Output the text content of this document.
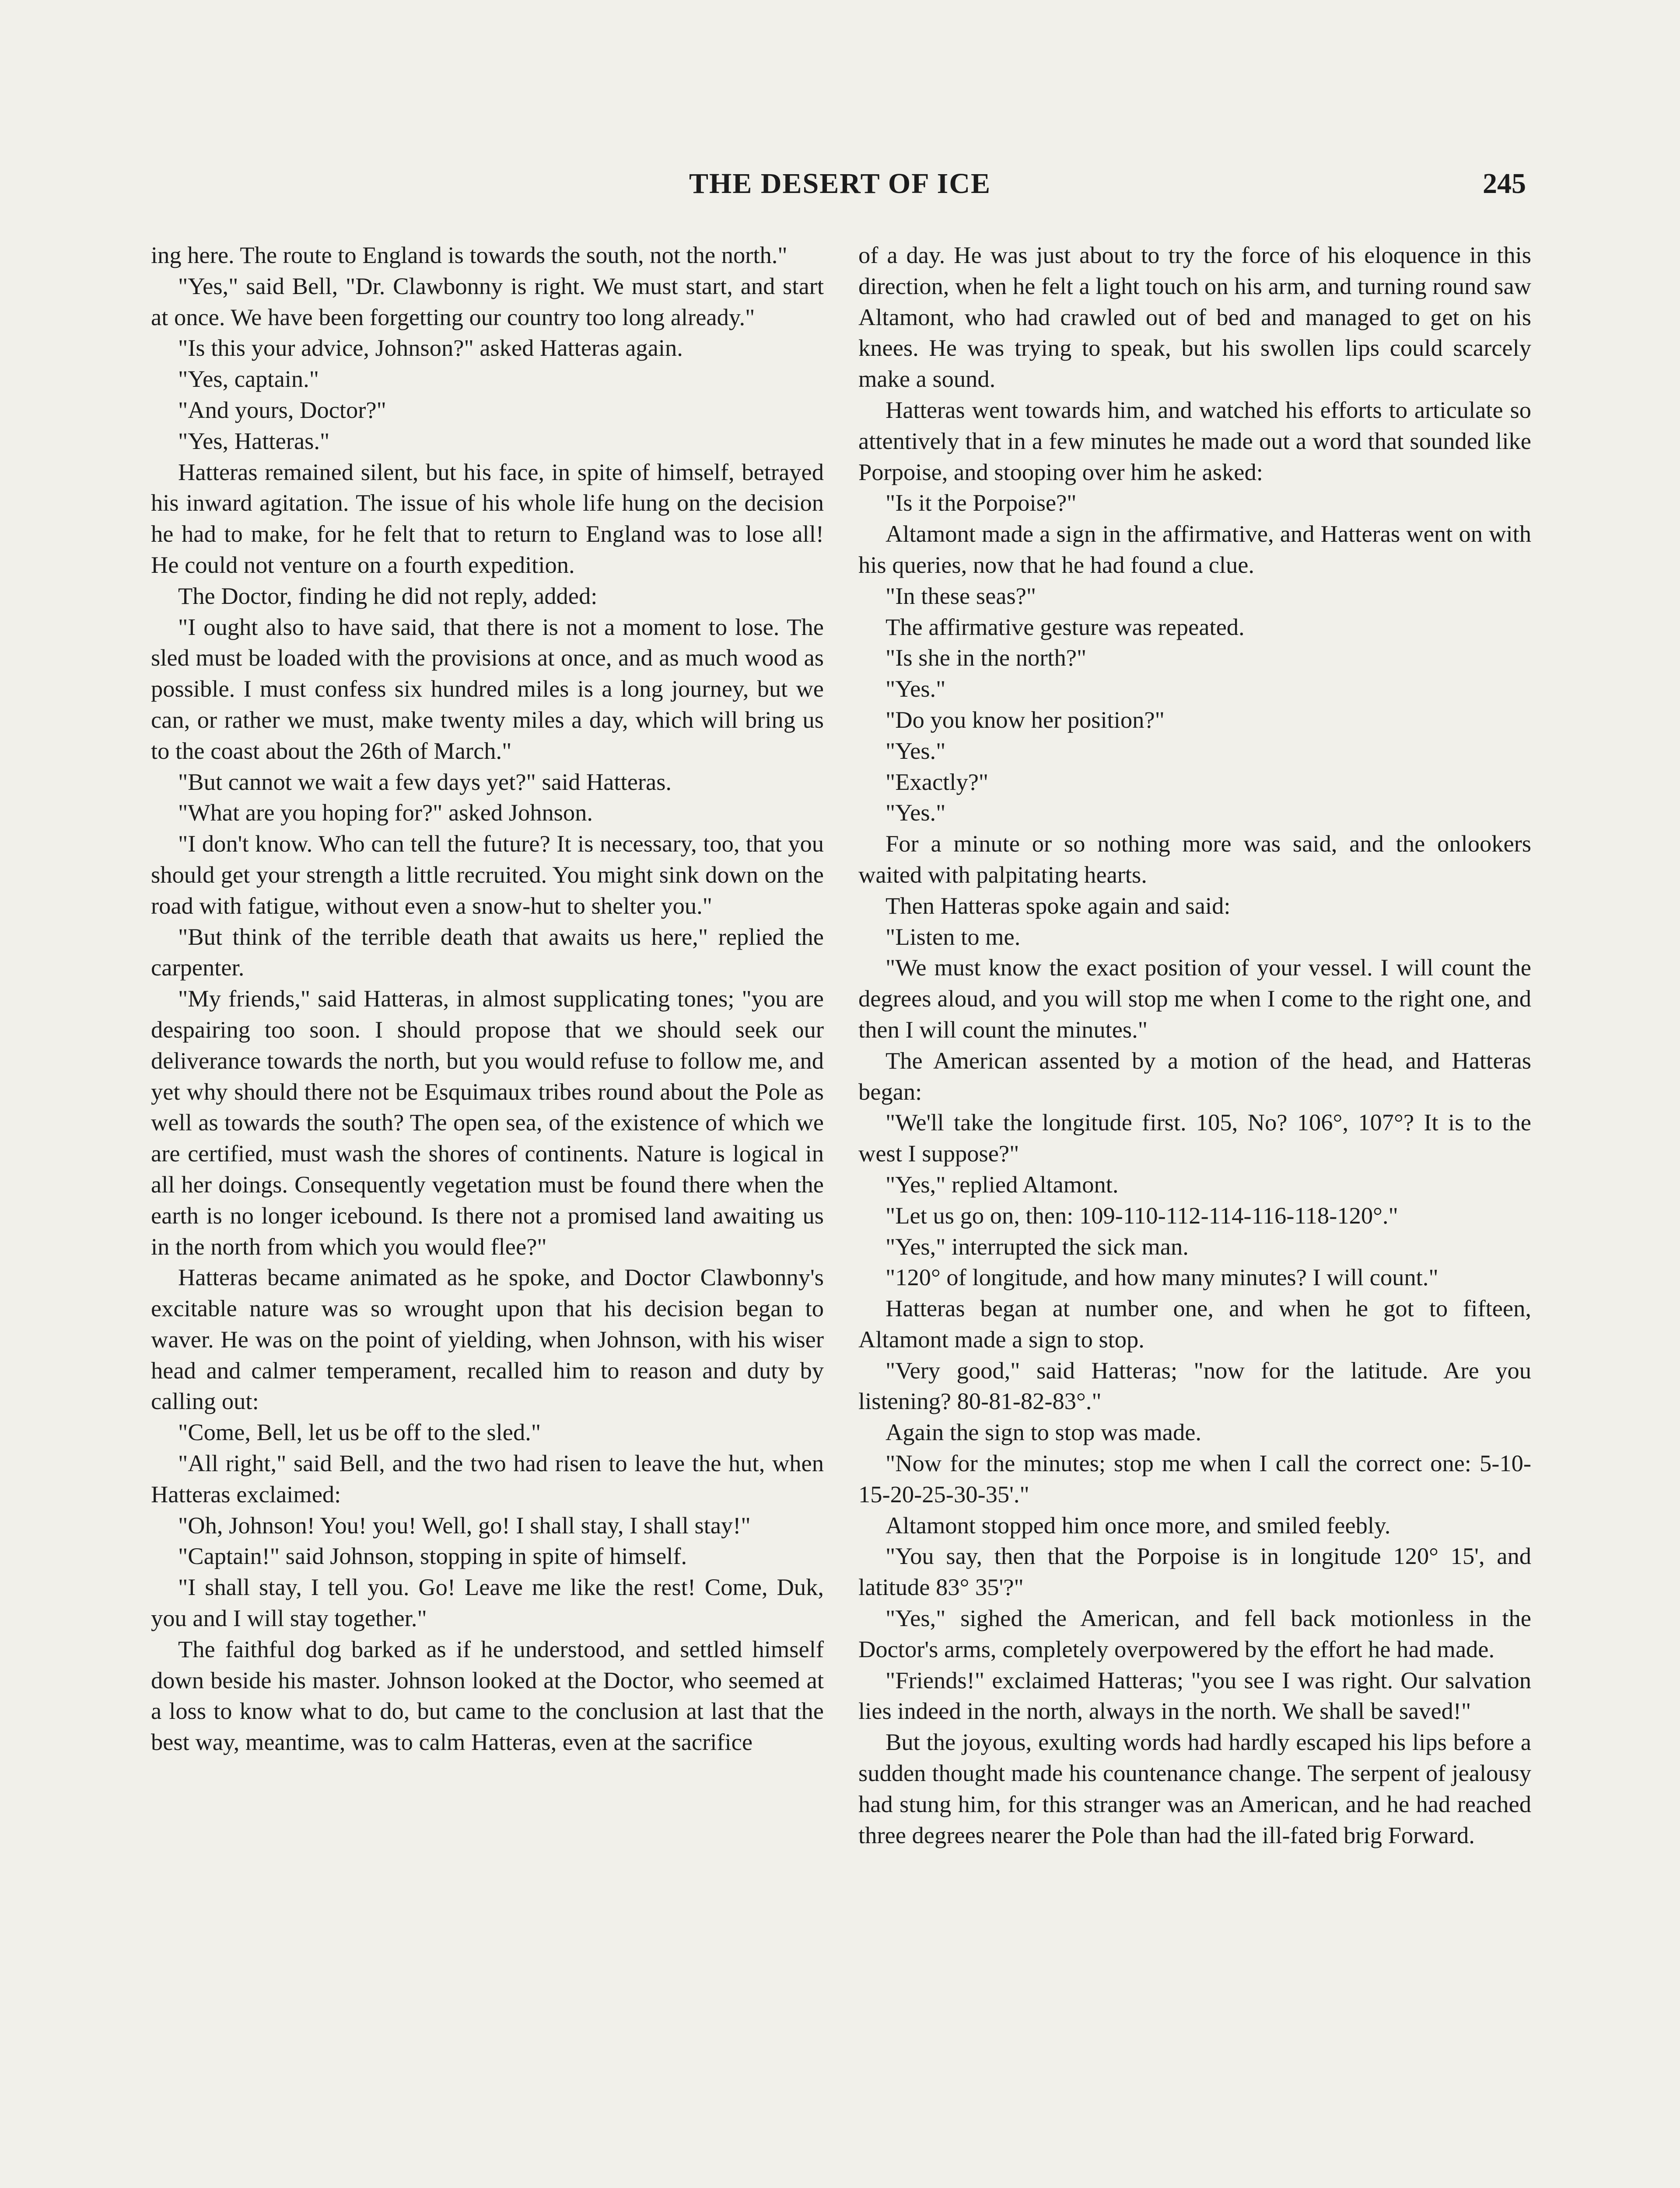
THE DESERT OF ICE	245

ing here. The route to England is towards the south, not the north."

"Yes," said Bell, "Dr. Clawbonny is right. We must start, and start at once. We have been forgetting our country too long already."

"Is this your advice, Johnson?" asked Hatteras again.

"Yes, captain."

"And yours, Doctor?"

"Yes, Hatteras."

Hatteras remained silent, but his face, in spite of himself, betrayed his inward agitation. The issue of his whole life hung on the decision he had to make, for he felt that to return to England was to lose all! He could not venture on a fourth expedition.

The Doctor, finding he did not reply, added:

"I ought also to have said, that there is not a moment to lose. The sled must be loaded with the provisions at once, and as much wood as possible. I must confess six hundred miles is a long journey, but we can, or rather we must, make twenty miles a day, which will bring us to the coast about the 26th of March."

"But cannot we wait a few days yet?" said Hatteras.

"What are you hoping for?" asked Johnson.

"I don't know. Who can tell the future? It is necessary, too, that you should get your strength a little recruited. You might sink down on the road with fatigue, without even a snow-hut to shelter you."

"But think of the terrible death that awaits us here," replied the carpenter.

"My friends," said Hatteras, in almost supplicating tones; "you are despairing too soon. I should propose that we should seek our deliverance towards the north, but you would refuse to follow me, and yet why should there not be Esquimaux tribes round about the Pole as well as towards the south? The open sea, of the existence of which we are certified, must wash the shores of continents. Nature is logical in all her doings. Consequently vegetation must be found there when the earth is no longer icebound. Is there not a promised land awaiting us in the north from which you would flee?"

Hatteras became animated as he spoke, and Doctor Clawbonny's excitable nature was so wrought upon that his decision began to waver. He was on the point of yielding, when Johnson, with his wiser head and calmer temperament, recalled him to reason and duty by calling out:

"Come, Bell, let us be off to the sled."

"All right," said Bell, and the two had risen to leave the hut, when Hatteras exclaimed:

"Oh, Johnson! You! you! Well, go! I shall stay, I shall stay!"

"Captain!" said Johnson, stopping in spite of himself.

"I shall stay, I tell you. Go! Leave me like the rest! Come, Duk, you and I will stay together."

The faithful dog barked as if he understood, and settled himself down beside his master. Johnson looked at the Doctor, who seemed at a loss to know what to do, but came to the conclusion at last that the best way, meantime, was to calm Hatteras, even at the sacrifice

of a day. He was just about to try the force of his eloquence in this direction, when he felt a light touch on his arm, and turning round saw Altamont, who had crawled out of bed and managed to get on his knees. He was trying to speak, but his swollen lips could scarcely make a sound.

Hatteras went towards him, and watched his efforts to articulate so attentively that in a few minutes he made out a word that sounded like Porpoise, and stooping over him he asked:

"Is it the Porpoise?"

Altamont made a sign in the affirmative, and Hatteras went on with his queries, now that he had found a clue.

"In these seas?"

The affirmative gesture was repeated.

"Is she in the north?"

"Yes."

"Do you know her position?"

"Yes."

"Exactly?"

"Yes."

For a minute or so nothing more was said, and the onlookers waited with palpitating hearts.

Then Hatteras spoke again and said:

"Listen to me.

"We must know the exact position of your vessel. I will count the degrees aloud, and you will stop me when I come to the right one, and then I will count the minutes."

The American assented by a motion of the head, and Hatteras began:

"We'll take the longitude first. 105, No? 106°, 107°? It is to the west I suppose?"

"Yes," replied Altamont.

"Let us go on, then: 109-110-112-114-116-118-120°."

"Yes," interrupted the sick man.

"120° of longitude, and how many minutes? I will count."

Hatteras began at number one, and when he got to fifteen, Altamont made a sign to stop.

"Very good," said Hatteras; "now for the latitude. Are you listening? 80-81-82-83°."

Again the sign to stop was made.

"Now for the minutes; stop me when I call the correct one: 5-10-15-20-25-30-35'."

Altamont stopped him once more, and smiled feebly.

"You say, then that the Porpoise is in longitude 120° 15', and latitude 83° 35'?"

"Yes," sighed the American, and fell back motionless in the Doctor's arms, completely overpowered by the effort he had made.

"Friends!" exclaimed Hatteras; "you see I was right. Our salvation lies indeed in the north, always in the north. We shall be saved!"

But the joyous, exulting words had hardly escaped his lips before a sudden thought made his countenance change. The serpent of jealousy had stung him, for this stranger was an American, and he had reached three degrees nearer the Pole than had the ill-fated brig Forward.
